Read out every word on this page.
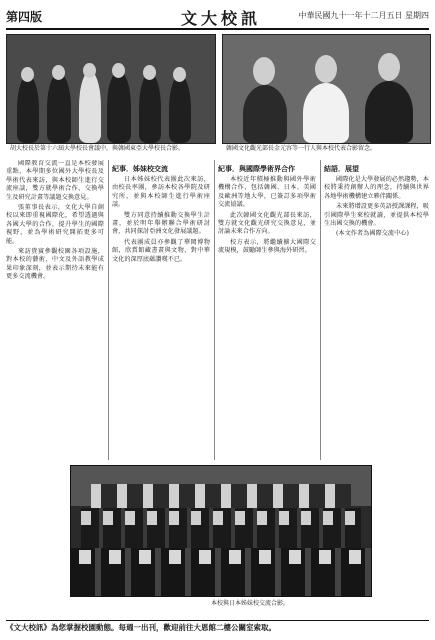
第四版	文大校訊	中華民國九十一年十二月五日 星期四
胡大校長於第十六屆大學校長會議中，與韓國東亞大學校長合影。	韓國文化觀光部長金元容等一行人與本校代表合影留念。

國際教育交流一直是本校發展重點，本學期多位國外大學校長及學術代表來訪，與本校師生進行交流座談，雙方就學術合作、交換學生及研究計畫等議題交換意見。

張董事長表示，文化大學自創校以來即重視國際化，希望透過與各國大學的合作，提升學生的國際視野，並為學術研究開拓更多可能。

來訪貴賓參觀校園各項設施，對本校的藝術、中文及外語教學成果印象深刻，並表示期待未來能有更多交流機會。

紀事．姊妹校交流

日本姊妹校代表團此次來訪，由校長率團，參訪本校各學院及研究所，並與本校師生進行學術座談。

雙方同意持續推動交換學生計畫，並於明年舉辦聯合學術研討會，共同探討亞洲文化發展議題。

代表團成員亦參觀了華岡博物館，欣賞館藏書畫與文物，對中華文化的深厚底蘊讚嘆不已。

紀事．與國際學術界合作

本校近年積極推動與國外學術機構合作，包括韓國、日本、美國及歐洲等地大學，已簽訂多項學術交流協議。

此次韓國文化觀光部長來訪，雙方就文化觀光研究交換意見，並討論未來合作方向。

校方表示，將繼續擴大國際交流規模，鼓勵師生參與海外研習。

結語．展望

國際化是大學發展的必然趨勢，本校將秉持創辦人的理念，持續與世界各地學術機構建立夥伴關係。

未來將增設更多英語授課課程，吸引國際學生來校就讀，並提供本校學生出國交換的機會。

(本文作者為國際交流中心)

本校與日本姊妹校交流合影。
《文大校訊》為您掌握校園動態。每週一出刊，歡迎前往大恩館二樓公關室索取。
